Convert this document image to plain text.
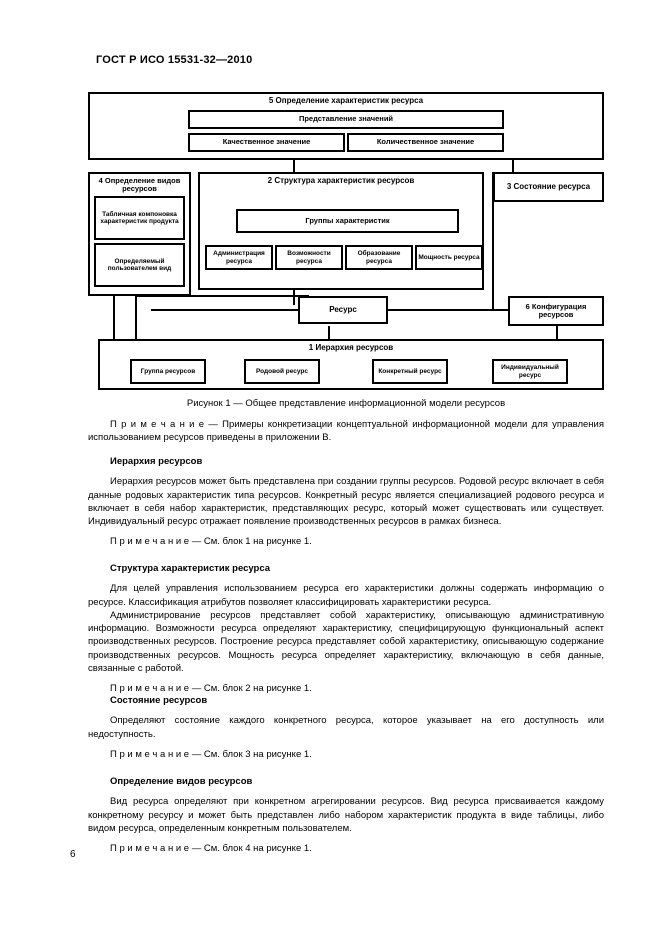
ГОСТ Р ИСО 15531-32—2010
5 Определение характеристик ресурса
Представление значений
Качественное значение	Количественное значение
4 Определение видов ресурсов
Табличная компоновка характеристик продукта
Определяемый пользователем вид
2 Структура характеристик ресурсов
Группы характеристик
Администрация ресурса
Возможности ресурса
Образование ресурса
Мощность ресурса
3 Состояние ресурса
Ресурс	6 Конфигурация ресурсов
1 Иерархия ресурсов
Группа ресурсов	Родовой ресурс	Конкретный ресурс
Индивидуальный ресурс
Рисунок 1 — Общее представление информационной модели ресурсов

П р и м е ч а н и е — Примеры конкретизации концептуальной информационной модели для управления использованием ресурсов приведены в приложении В.

Иерархия ресурсов

Иерархия ресурсов может быть представлена при создании группы ресурсов. Родовой ресурс включает в себя данные родовых характеристик типа ресурсов. Конкретный ресурс является специализацией родового ресурса и включает в себя набор характеристик, представляющих ресурс, который может существовать или существует. Индивидуальный ресурс отражает появление производственных ресурсов в рамках бизнеса.

П р и м е ч а н и е — См. блок 1 на рисунке 1.

Структура характеристик ресурса

Для целей управления использованием ресурса его характеристики должны содержать информацию о ресурсе. Классификация атрибутов позволяет классифицировать характеристики ресурса.

Администрирование ресурсов представляет собой характеристику, описывающую административную информацию. Возможности ресурса определяют характеристику, специфицирующую функциональный аспект производственных ресурсов. Построение ресурса представляет собой характеристику, описывающую содержание производственных ресурсов. Мощность ресурса определяет характеристику, включающую в себя данные, связанные с работой.

П р и м е ч а н и е — См. блок 2 на рисунке 1.

Состояние ресурсов

Определяют состояние каждого конкретного ресурса, которое указывает на его доступность или недоступность.

П р и м е ч а н и е — См. блок 3 на рисунке 1.

Определение видов ресурсов

Вид ресурса определяют при конкретном агрегировании ресурсов. Вид ресурса присваивается каждому конкретному ресурсу и может быть представлен либо набором характеристик продукта в виде таблицы, либо видом ресурса, определенным конкретным пользователем.

П р и м е ч а н и е — См. блок 4 на рисунке 1.

6
